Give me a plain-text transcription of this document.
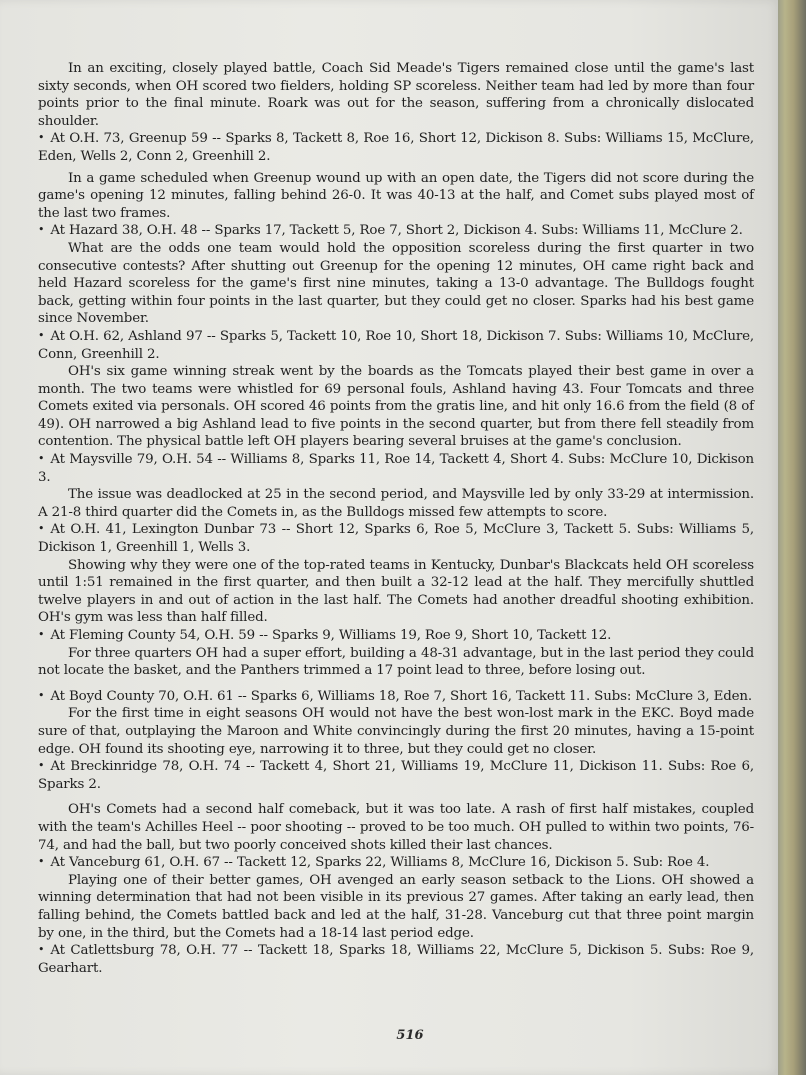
In an exciting, closely played battle, Coach Sid Meade's Tigers remained close until the game's last sixty seconds, when OH scored two fielders, holding SP scoreless. Neither team had led by more than four points prior to the final minute. Roark was out for the season, suffering from a chronically dislocated shoulder.

• At O.H. 73, Greenup 59 -- Sparks 8, Tackett 8, Roe 16, Short 12, Dickison 8. Subs: Williams 15, McClure, Eden, Wells 2, Conn 2, Greenhill 2.

In a game scheduled when Greenup wound up with an open date, the Tigers did not score during the game's opening 12 minutes, falling behind 26-0. It was 40-13 at the half, and Comet subs played most of the last two frames.

• At Hazard 38, O.H. 48 -- Sparks 17, Tackett 5, Roe 7, Short 2, Dickison 4. Subs: Williams 11, McClure 2.

What are the odds one team would hold the opposition scoreless during the first quarter in two consecutive contests? After shutting out Greenup for the opening 12 minutes, OH came right back and held Hazard scoreless for the game's first nine minutes, taking a 13-0 advantage. The Bulldogs fought back, getting within four points in the last quarter, but they could get no closer. Sparks had his best game since November.

• At O.H. 62, Ashland 97 -- Sparks 5, Tackett 10, Roe 10, Short 18, Dickison 7. Subs: Williams 10, McClure, Conn, Greenhill 2.

OH's six game winning streak went by the boards as the Tomcats played their best game in over a month. The two teams were whistled for 69 personal fouls, Ashland having 43. Four Tomcats and three Comets exited via personals. OH scored 46 points from the gratis line, and hit only 16.6 from the field (8 of 49). OH narrowed a big Ashland lead to five points in the second quarter, but from there fell steadily from contention. The physical battle left OH players bearing several bruises at the game's conclusion.

• At Maysville 79, O.H. 54 -- Williams 8, Sparks 11, Roe 14, Tackett 4, Short 4. Subs: McClure 10, Dickison 3.

The issue was deadlocked at 25 in the second period, and Maysville led by only 33-29 at intermission. A 21-8 third quarter did the Comets in, as the Bulldogs missed few attempts to score.

• At O.H. 41, Lexington Dunbar 73 -- Short 12, Sparks 6, Roe 5, McClure 3, Tackett 5. Subs: Williams 5, Dickison 1, Greenhill 1, Wells 3.

Showing why they were one of the top-rated teams in Kentucky, Dunbar's Blackcats held OH scoreless until 1:51 remained in the first quarter, and then built a 32-12 lead at the half. They mercifully shuttled twelve players in and out of action in the last half. The Comets had another dreadful shooting exhibition. OH's gym was less than half filled.

• At Fleming County 54, O.H. 59 -- Sparks 9, Williams 19, Roe 9, Short 10, Tackett 12.

For three quarters OH had a super effort, building a 48-31 advantage, but in the last period they could not locate the basket, and the Panthers trimmed a 17 point lead to three, before losing out.

• At Boyd County 70, O.H. 61 -- Sparks 6, Williams 18, Roe 7, Short 16, Tackett 11. Subs: McClure 3, Eden.

For the first time in eight seasons OH would not have the best won-lost mark in the EKC. Boyd made sure of that, outplaying the Maroon and White convincingly during the first 20 minutes, having a 15-point edge. OH found its shooting eye, narrowing it to three, but they could get no closer.

• At Breckinridge 78, O.H. 74 -- Tackett 4, Short 21, Williams 19, McClure 11, Dickison 11. Subs: Roe 6, Sparks 2.

OH's Comets had a second half comeback, but it was too late. A rash of first half mistakes, coupled with the team's Achilles Heel -- poor shooting -- proved to be too much. OH pulled to within two points, 76-74, and had the ball, but two poorly conceived shots killed their last chances.

• At Vanceburg 61, O.H. 67 -- Tackett 12, Sparks 22, Williams 8, McClure 16, Dickison 5. Sub: Roe 4.

Playing one of their better games, OH avenged an early season setback to the Lions. OH showed a winning determination that had not been visible in its previous 27 games. After taking an early lead, then falling behind, the Comets battled back and led at the half, 31-28. Vanceburg cut that three point margin by one, in the third, but the Comets had a 18-14 last period edge.

• At Catlettsburg 78, O.H. 77 -- Tackett 18, Sparks 18, Williams 22, McClure 5, Dickison 5. Subs: Roe 9, Gearhart.

516
